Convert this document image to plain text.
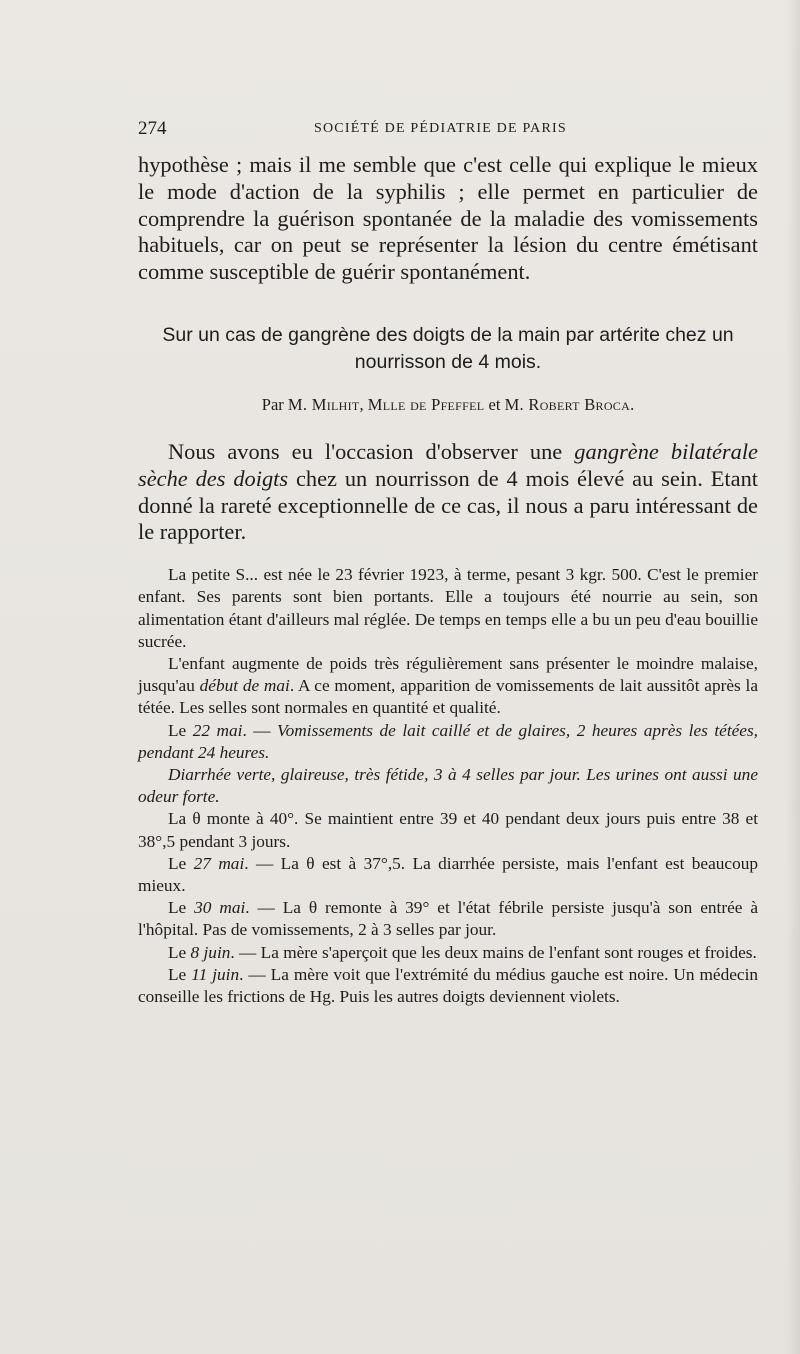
274	SOCIÉTÉ DE PÉDIATRIE DE PARIS

hypothèse ; mais il me semble que c'est celle qui explique le mieux le mode d'action de la syphilis ; elle permet en particulier de comprendre la guérison spontanée de la maladie des vomissements habituels, car on peut se représenter la lésion du centre émétisant comme susceptible de guérir spontanément.

Sur un cas de gangrène des doigts de la main par artérite chez un nourrisson de 4 mois.

Par M. Milhit, Mlle de Pfeffel et M. Robert Broca.

Nous avons eu l'occasion d'observer une gangrène bilatérale sèche des doigts chez un nourrisson de 4 mois élevé au sein. Etant donné la rareté exceptionnelle de ce cas, il nous a paru intéressant de le rapporter.

La petite S... est née le 23 février 1923, à terme, pesant 3 kgr. 500. C'est le premier enfant. Ses parents sont bien portants. Elle a toujours été nourrie au sein, son alimentation étant d'ailleurs mal réglée. De temps en temps elle a bu un peu d'eau bouillie sucrée.

L'enfant augmente de poids très régulièrement sans présenter le moindre malaise, jusqu'au début de mai. A ce moment, apparition de vomissements de lait aussitôt après la tétée. Les selles sont normales en quantité et qualité.

Le 22 mai. — Vomissements de lait caillé et de glaires, 2 heures après les tétées, pendant 24 heures.

Diarrhée verte, glaireuse, très fétide, 3 à 4 selles par jour. Les urines ont aussi une odeur forte.

La θ monte à 40°. Se maintient entre 39 et 40 pendant deux jours puis entre 38 et 38°,5 pendant 3 jours.

Le 27 mai. — La θ est à 37°,5. La diarrhée persiste, mais l'enfant est beaucoup mieux.

Le 30 mai. — La θ remonte à 39° et l'état fébrile persiste jusqu'à son entrée à l'hôpital. Pas de vomissements, 2 à 3 selles par jour.

Le 8 juin. — La mère s'aperçoit que les deux mains de l'enfant sont rouges et froides.

Le 11 juin. — La mère voit que l'extrémité du médius gauche est noire. Un médecin conseille les frictions de Hg. Puis les autres doigts deviennent violets.
